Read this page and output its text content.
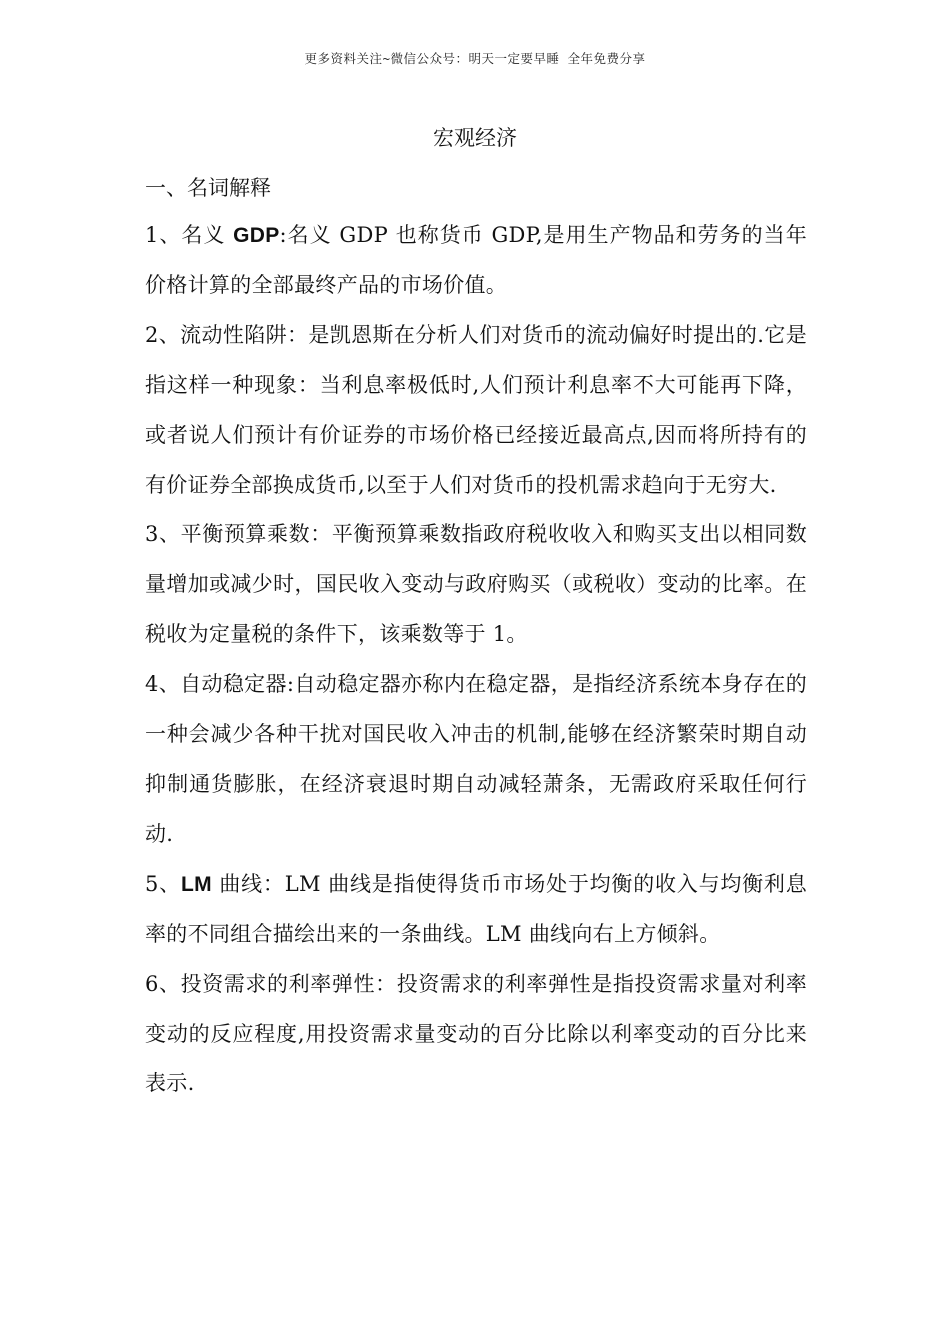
更多资料关注~微信公众号：明天一定要早睡 全年免费分享
宏观经济
一、名词解释

1、名义 GDP:名义 GDP 也称货币 GDP,是用生产物品和劳务的当年价格计算的全部最终产品的市场价值。

2、流动性陷阱：是凯恩斯在分析人们对货币的流动偏好时提出的.它是指这样一种现象：当利息率极低时,人们预计利息率不大可能再下降，或者说人们预计有价证券的市场价格已经接近最高点,因而将所持有的有价证券全部换成货币,以至于人们对货币的投机需求趋向于无穷大.

3、平衡预算乘数：平衡预算乘数指政府税收收入和购买支出以相同数量增加或减少时，国民收入变动与政府购买（或税收）变动的比率。在税收为定量税的条件下，该乘数等于 1。

4、自动稳定器:自动稳定器亦称内在稳定器，是指经济系统本身存在的一种会减少各种干扰对国民收入冲击的机制,能够在经济繁荣时期自动抑制通货膨胀，在经济衰退时期自动减轻萧条，无需政府采取任何行动.

5、LM 曲线：LM 曲线是指使得货币市场处于均衡的收入与均衡利息率的不同组合描绘出来的一条曲线。LM 曲线向右上方倾斜。

6、投资需求的利率弹性：投资需求的利率弹性是指投资需求量对利率变动的反应程度,用投资需求量变动的百分比除以利率变动的百分比来表示.
